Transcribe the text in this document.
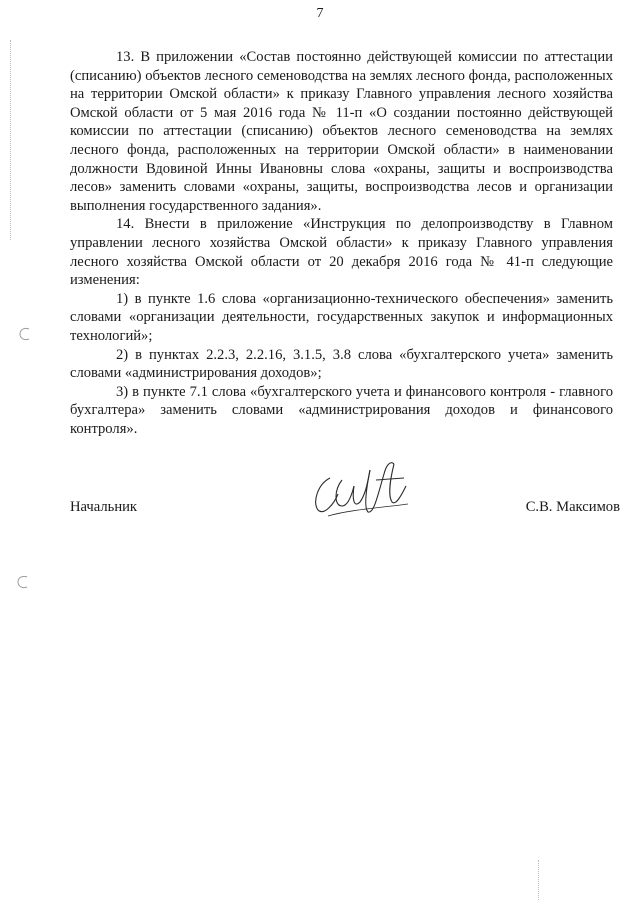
7

13. В приложении «Состав постоянно действующей комиссии по аттестации (списанию) объектов лесного семеноводства на землях лесного фонда, расположенных на территории Омской области» к приказу Главного управления лесного хозяйства Омской области от 5 мая 2016 года № 11-п «О создании постоянно действующей комиссии по аттестации (списанию) объектов лесного семеноводства на землях лесного фонда, расположенных на территории Омской области» в наименовании должности Вдовиной Инны Ивановны слова «охраны, защиты и воспроизводства лесов» заменить словами «охраны, защиты, воспроизводства лесов и организации выполнения государственного задания».

14. Внести в приложение «Инструкция по делопроизводству в Главном управлении лесного хозяйства Омской области» к приказу Главного управления лесного хозяйства Омской области от 20 декабря 2016 года № 41-п следующие изменения:

1) в пункте 1.6 слова «организационно-технического обеспечения» заменить словами «организации деятельности, государственных закупок и информационных технологий»;

2) в пунктах 2.2.3, 2.2.16, 3.1.5, 3.8 слова «бухгалтерского учета» заменить словами «администрирования доходов»;

3) в пункте 7.1 слова «бухгалтерского учета и финансового контроля - главного бухгалтера» заменить словами «администрирования доходов и финансового контроля».

Начальник	С.В. Максимов
